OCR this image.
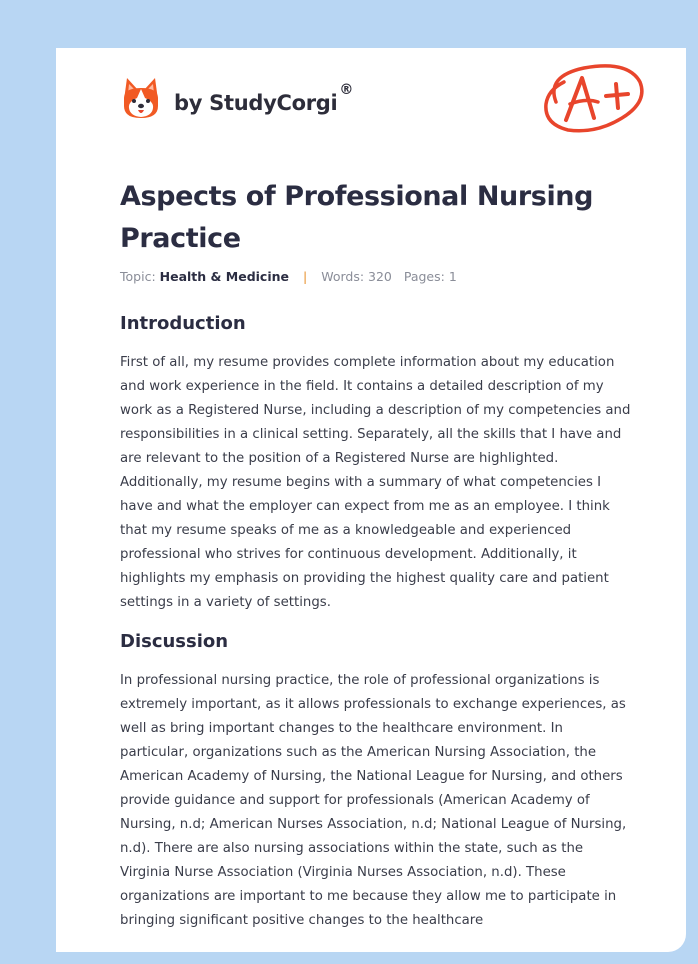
by StudyCorgi
®
Aspects of Professional Nursing Practice
Topic: Health & Medicine | Words: 320 Pages: 1
Introduction

First of all, my resume provides complete information about my education and work experience in the field. It contains a detailed description of my work as a Registered Nurse, including a description of my competencies and responsibilities in a clinical setting. Separately, all the skills that I have and are relevant to the position of a Registered Nurse are highlighted. Additionally, my resume begins with a summary of what competencies I have and what the employer can expect from me as an employee. I think that my resume speaks of me as a knowledgeable and experienced professional who strives for continuous development. Additionally, it highlights my emphasis on providing the highest quality care and patient settings in a variety of settings.

Discussion

In professional nursing practice, the role of professional organizations is extremely important, as it allows professionals to exchange experiences, as well as bring important changes to the healthcare environment. In particular, organizations such as the American Nursing Association, the American Academy of Nursing, the National League for Nursing, and others provide guidance and support for professionals (American Academy of Nursing, n.d; American Nurses Association, n.d; National League of Nursing, n.d). There are also nursing associations within the state, such as the Virginia Nurse Association (Virginia Nurses Association, n.d). These organizations are important to me because they allow me to participate in bringing significant positive changes to the healthcare
